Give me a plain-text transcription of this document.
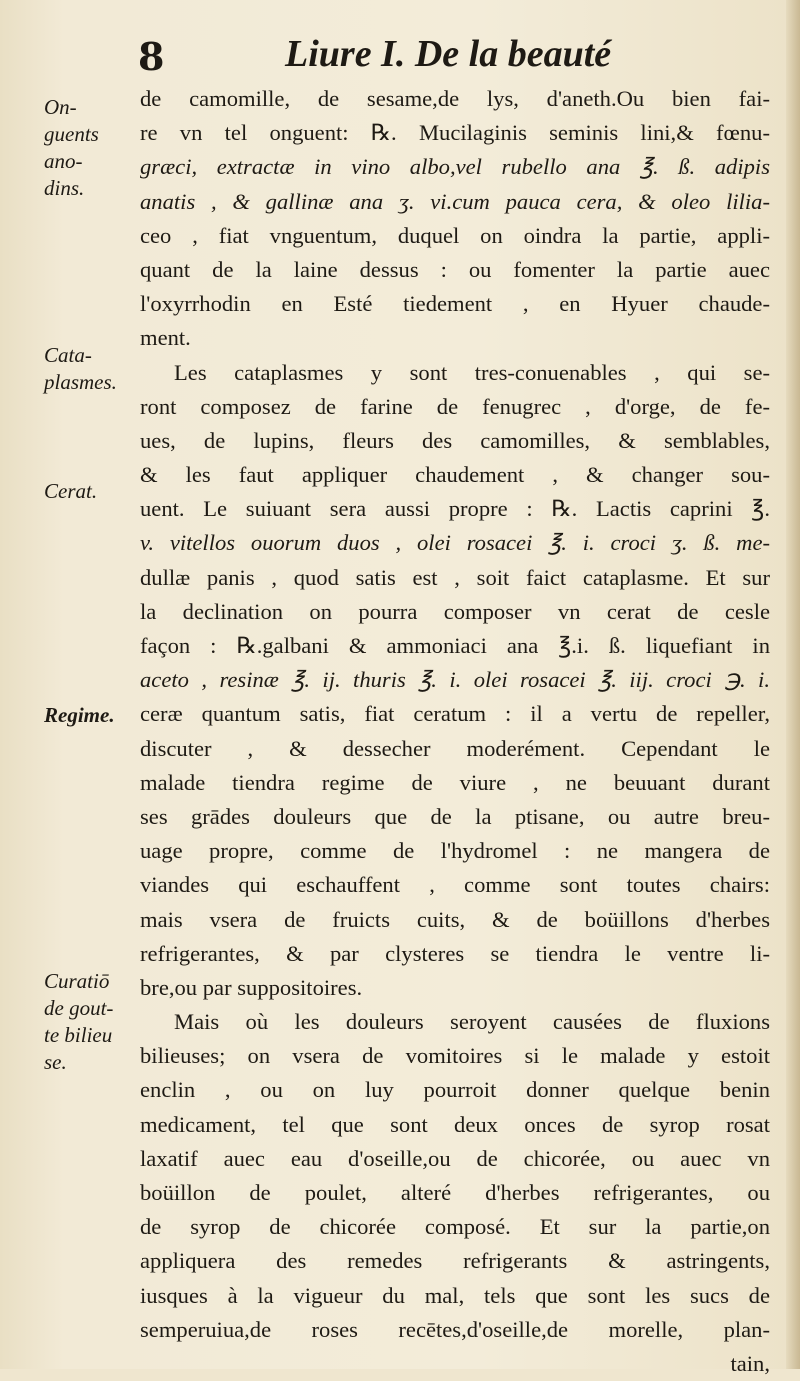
8	Liure I. De la beauté
On-
guents
ano-
dins.
Cata-
plasmes.
Cerat.
Regime.
Curatiō
de gout-
te bilieu
se.
de camomille, de sesame,de lys, d'aneth.Ou bien fai-
re vn tel onguent: ℞. Mucilaginis seminis lini,& fœnu-
græci, extractæ in vino albo,vel rubello ana ℥. ß. adipis
anatis , & gallinæ ana ʒ. vi.cum pauca cera, & oleo lilia-
ceo , fiat vnguentum, duquel on oindra la partie, appli-
quant de la laine dessus : ou fomenter la partie auec
l'oxyrrhodin en Esté tiedement , en Hyuer chaude-
ment.
Les cataplasmes y sont tres-conuenables , qui se-
ront composez de farine de fenugrec , d'orge, de fe-
ues, de lupins, fleurs des camomilles, & semblables,
& les faut appliquer chaudement , & changer sou-
uent. Le suiuant sera aussi propre : ℞. Lactis caprini ℥.
v. vitellos ouorum duos , olei rosacei ℥. i. croci ʒ. ß. me-
dullæ panis , quod satis est , soit faict cataplasme. Et sur
la declination on pourra composer vn cerat de cesle
façon : ℞.galbani & ammoniaci ana ℥.i. ß. liquefiant in
aceto , resinæ ℥. ij. thuris ℥. i. olei rosacei ℥. iij. croci ℈. i.
ceræ quantum satis, fiat ceratum : il a vertu de repeller,
discuter , & dessecher moderément. Cependant le
malade tiendra regime de viure , ne beuuant durant
ses grādes douleurs que de la ptisane, ou autre breu-
uage propre, comme de l'hydromel : ne mangera de
viandes qui eschauffent , comme sont toutes chairs:
mais vsera de fruicts cuits, & de boüillons d'herbes
refrigerantes, & par clysteres se tiendra le ventre li-
bre,ou par suppositoires.
Mais où les douleurs seroyent causées de fluxions
bilieuses; on vsera de vomitoires si le malade y estoit
enclin , ou on luy pourroit donner quelque benin
medicament, tel que sont deux onces de syrop rosat
laxatif auec eau d'oseille,ou de chicorée, ou auec vn
boüillon de poulet, alteré d'herbes refrigerantes, ou
de syrop de chicorée composé. Et sur la partie,on
appliquera des remedes refrigerants & astringents,
iusques à la vigueur du mal, tels que sont les sucs de
semperuiua,de roses recētes,d'oseille,de morelle, plan-
tain,
